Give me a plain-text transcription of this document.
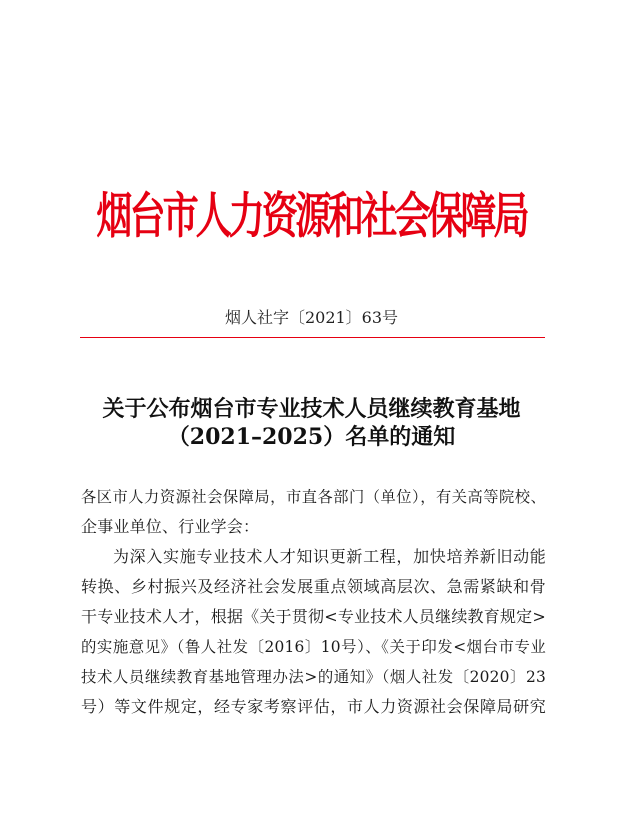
烟台市人力资源和社会保障局
烟人社字〔2021〕63号
关于公布烟台市专业技术人员继续教育基地
（2021–2025）名单的通知
各区市人力资源社会保障局，市直各部门（单位），有关高等院校、
企事业单位、行业学会：
为深入实施专业技术人才知识更新工程，加快培养新旧动能
转换、乡村振兴及经济社会发展重点领域高层次、急需紧缺和骨
干专业技术人才，根据《关于贯彻<专业技术人员继续教育规定>
的实施意见》（鲁人社发〔2016〕10号）、《关于印发<烟台市专业
技术人员继续教育基地管理办法>的通知》（烟人社发〔2020〕23
号）等文件规定，经专家考察评估，市人力资源社会保障局研究
